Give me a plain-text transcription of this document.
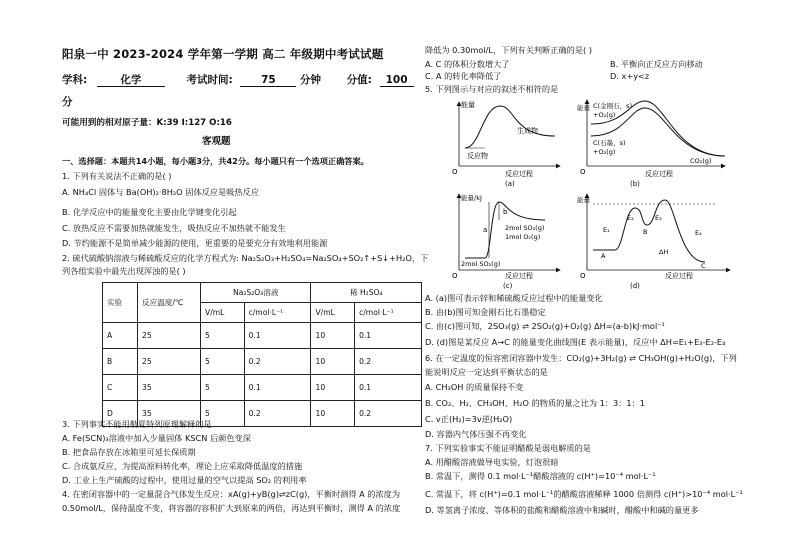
阳泉一中 2023-2024 学年第一学期 高二 年级期中考试试题
学科:	化学	考试时间:	75 分钟 分值: 100
分
可能用到的相对原子量：K:39 I:127 O:16
客观题
一、选择题：本题共14小题，每小题3分，共42分。每小题只有一个选项正确答案。
1. 下列有关说法不正确的是( )
A. NH₄Cl 固体与 Ba(OH)₂·8H₂O 固体反应是吸热反应
B. 化学反应中的能量变化主要由化学键变化引起
C. 放热反应不需要加热就能发生，吸热反应不加热就不能发生
D. 节约能源不是简单减少能源的使用，更重要的是要充分有效地利用能源
2. 硫代硫酸钠溶液与稀硫酸反应的化学方程式为: Na₂S₂O₃+H₂SO₄=Na₂SO₄+SO₂↑+S↓+H₂O，下
列各组实验中最先出现浑浊的是( )
实验	反应温度/℃	Na₂S₂O₃溶液		稀 H₂SO₄	
		V/mL	c/mol·L⁻¹	V/mL	c/mol·L⁻¹
A	25	5	0.1	10	0.1
B	25	5	0.2	10	0.2
C	35	5	0.1	10	0.1
D	35	5	0.2	10	0.2
3. 下列事实不能用勒夏特列原理解释的是
A. Fe(SCN)₃溶液中加入少量固体 KSCN 后颜色变深
B. 把食品存放在冰箱里可延长保质期
C. 合成氨反应，为提高原料转化率，理论上应采取降低温度的措施
D. 工业上生产硫酸的过程中，使用过量的空气以提高 SO₂ 的利用率
4. 在密闭容器中的一定量混合气体发生反应：xA(g)+yB(g)⇌zC(g)，平衡时测得 A 的浓度为
0.50mol/L，保持温度不变，将容器的容积扩大到原来的两倍，再达到平衡时，测得 A 的浓度
降低为 0.30mol/L，下列有关判断正确的是( )
A. C 的体积分数增大了	B. 平衡向正反应方向移动
C. A 的转化率降低了	D. x+y<z
5. 下列图示与对应的叙述不相符的是
能量
反应物
生成物
O	反应过程
(a)
能量 C(金刚石，s)
+O₂(g)
C(石墨，s)
+O₂(g)
CO₂(g)
O	反应过程
(b)
能量/kJ
a
b
2mol SO₃(g)
1mol O₂(g)
2mol SO₂(g)
O	反应过程
(c)
能量
E₁
E₂	E₃
E₄
A
B
C
ΔH
O	反应过程
(d)
A. (a)图可表示锌和稀硫酸反应过程中的能量变化
B. 由(b)图可知金刚石比石墨稳定
C. 由(c)图可知，2SO₃(g) ⇌ 2SO₂(g)+O₂(g) ΔH=(a-b)kJ·mol⁻¹
D. (d)图是某反应 A→C 的能量变化曲线图(E 表示能量)，反应中 ΔH=E₁+E₃-E₂-E₄
6. 在一定温度的恒容密闭容器中发生：CO₂(g)+3H₂(g) ⇌ CH₃OH(g)+H₂O(g)，下列
能说明反应一定达到平衡状态的是
A. CH₃OH 的质量保持不变
B. CO₂、H₂、CH₃OH、H₂O 的物质的量之比为 1：3：1：1
C. v正(H₂)=3v逆(H₂O)
D. 容器内气体压强不再变化
7. 下列实验事实不能证明醋酸是弱电解质的是
A. 用醋酸溶液做导电实验，灯泡很暗
B. 常温下，测得 0.1 mol·L⁻¹醋酸溶液的 c(H⁺)=10⁻⁴ mol·L⁻¹
C. 常温下，将 c(H⁺)=0.1 mol·L⁻¹的醋酸溶液稀释 1000 倍测得 c(H⁺)>10⁻⁴ mol·L⁻¹
D. 等氢离子浓度、等体积的盐酸和醋酸溶液中和碱时，醋酸中和碱的量更多
